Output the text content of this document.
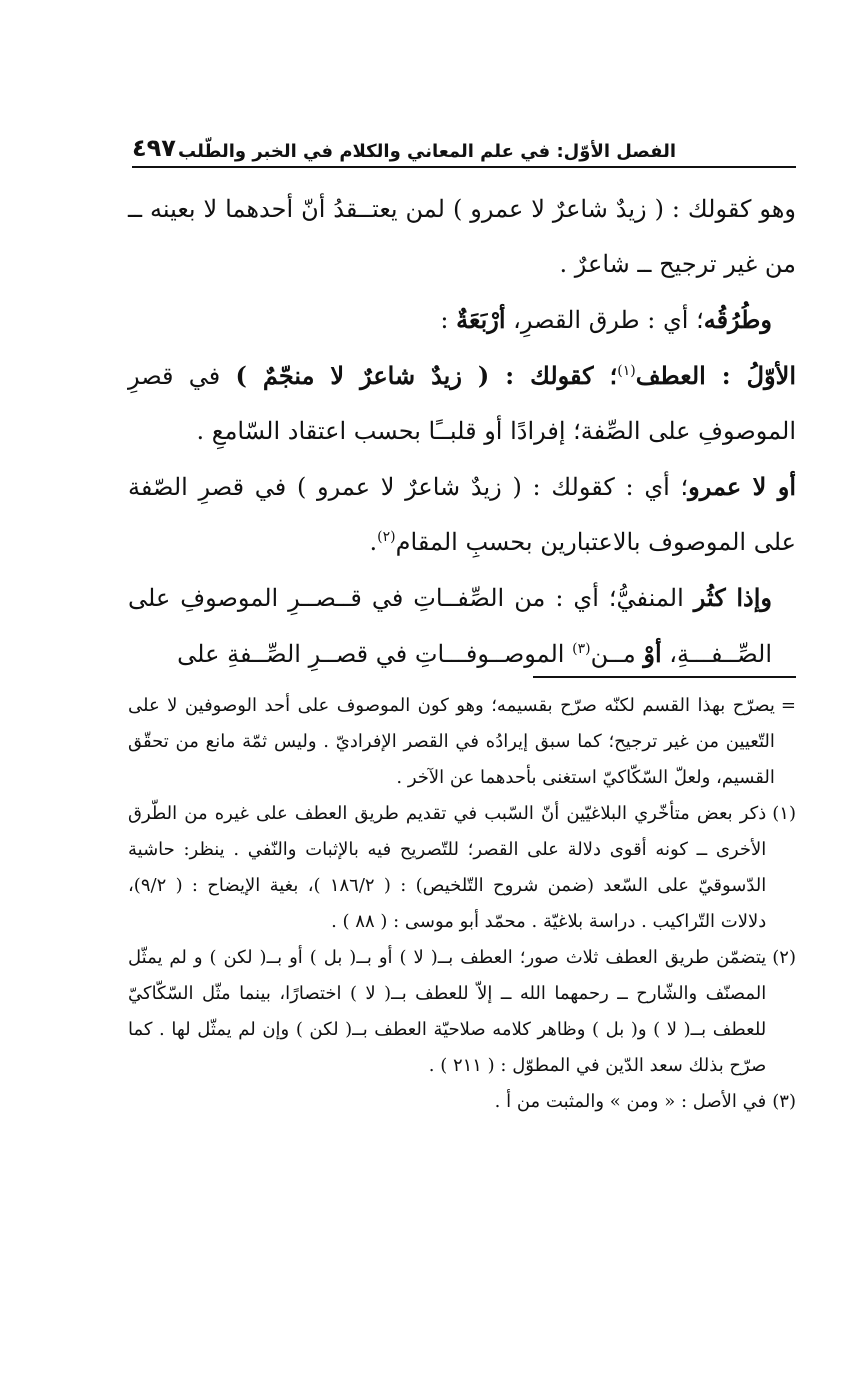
الفصل الأوّل: في علم المعاني والكلام في الخبر والطّلب
٤٩٧

وهو كقولك : ( زيدٌ شاعرٌ لا عمرو ) لمن يعتــقدُ أنّ أحدهما لا بعينه ــ من غير ترجيح ــ شاعرٌ .

وطُرُقُه؛ أي : طرق القصرِ، أرْبَعَةٌ :

الأوّلُ : العطف$^{(١)}$؛ كقولك : ( زيدٌ شاعرٌ لا منجّمٌ ) في قصرِ الموصوفِ على الصِّفة؛ إفرادًا أو قلبــًا بحسب اعتقاد السّامعِ .

أو لا عمرو؛ أي : كقولك : ( زيدٌ شاعرٌ لا عمرو ) في قصرِ الصّفة على الموصوف بالاعتبارين بحسبِ المقام$^{(٢)}$.

وإذا كثُر المنفيُّ؛ أي : من الصِّفــاتِ في قــصــرِ الموصوفِ على الصِّــفـــةِ، أوْ مــن$^{(٣)}$ الموصــوفـــاتِ في قصــرِ الصِّــفةِ على

=
يصرّح بهذا القسم لكنّه صرّح بقسيمه؛ وهو كون الموصوف على أحد الوصوفين لا على التّعيين من غير ترجيح؛ كما سبق إيرادُه في القصر الإفراديّ . وليس ثمّة مانع من تحقّق القسيم، ولعلّ السّكّاكيّ استغنى بأحدهما عن الآخر .

(١)
ذكر بعض متأخّري البلاغيّين أنّ السّبب في تقديم طريق العطف على غيره من الطّرق الأخرى ــ كونه أقوى دلالة على القصر؛ للتّصريح فيه بالإثبات والنّفي . ينظر: حاشية الدّسوقيّ على السّعد (ضمن شروح التّلخيص) : ( ١٨٦/٢ )، بغية الإيضاح : ( ٩/٢)، دلالات التّراكيب . دراسة بلاغيّة . محمّد أبو موسى : ( ٨٨ ) .

(٢)
يتضمّن طريق العطف ثلاث صور؛ العطف بــ( لا ) أو بــ( بل ) أو بــ( لكن ) و لم يمثّل المصنّف والشّارح ــ رحمهما الله ــ إلاّ للعطف بــ( لا ) اختصارًا، بينما مثّل السّكّاكيّ للعطف بــ( لا ) و( بل ) وظاهر كلامه صلاحيّة العطف بــ( لكن ) وإن لم يمثّل لها . كما صرّح بذلك سعد الدّين في المطوّل : ( ٢١١ ) .

(٣)
في الأصل : « ومن » والمثبت من أ .
